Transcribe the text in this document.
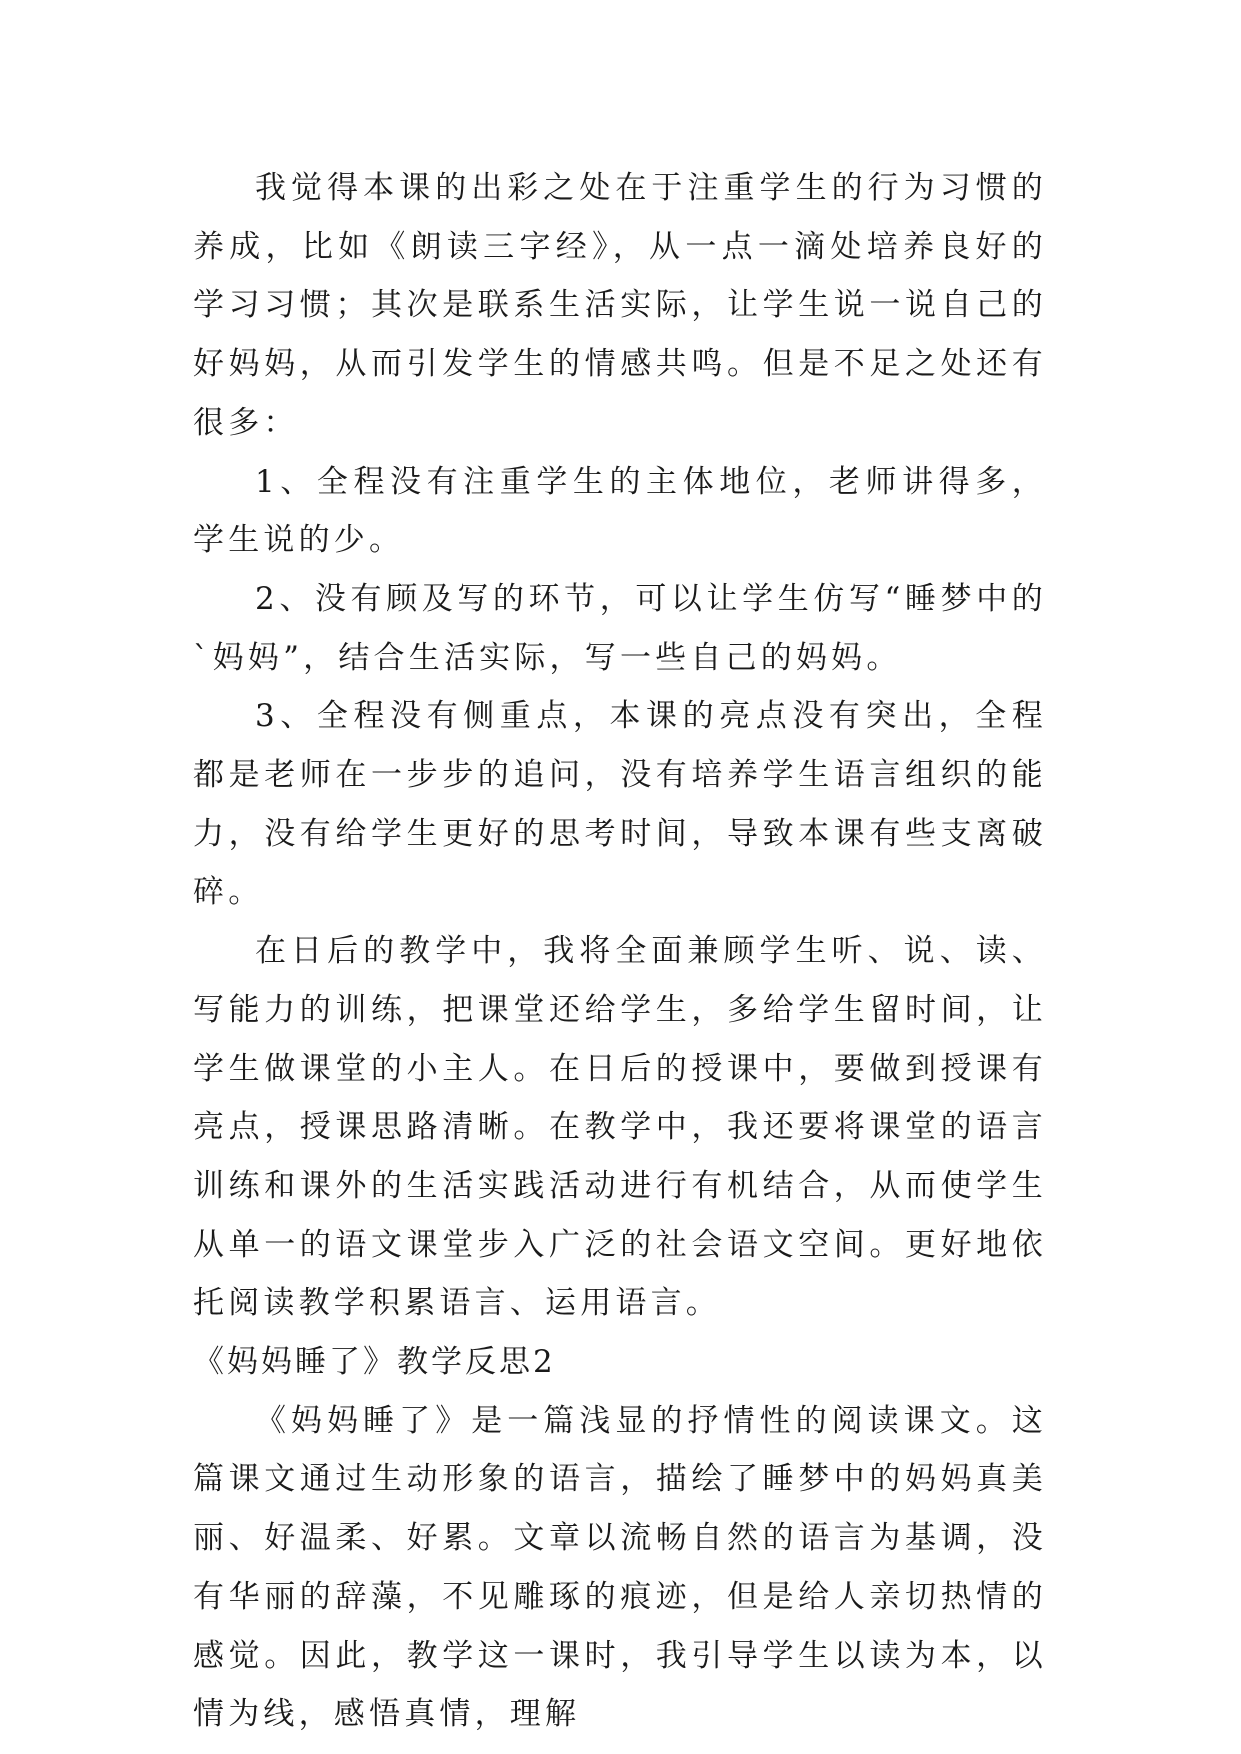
我觉得本课的出彩之处在于注重学生的行为习惯的养成，比如《朗读三字经》，从一点一滴处培养良好的学习习惯；其次是联系生活实际，让学生说一说自己的好妈妈，从而引发学生的情感共鸣。但是不足之处还有很多：

1、全程没有注重学生的主体地位，老师讲得多，学生说的少。

2、没有顾及写的环节，可以让学生仿写“睡梦中的`妈妈”，结合生活实际，写一些自己的妈妈。

3、全程没有侧重点，本课的亮点没有突出，全程都是老师在一步步的追问，没有培养学生语言组织的能力，没有给学生更好的思考时间，导致本课有些支离破碎。

在日后的教学中，我将全面兼顾学生听、说、读、写能力的训练，把课堂还给学生，多给学生留时间，让学生做课堂的小主人。在日后的授课中，要做到授课有亮点，授课思路清晰。在教学中，我还要将课堂的语言训练和课外的生活实践活动进行有机结合，从而使学生从单一的语文课堂步入广泛的社会语文空间。更好地依托阅读教学积累语言、运用语言。

《妈妈睡了》教学反思2

《妈妈睡了》是一篇浅显的抒情性的阅读课文。这篇课文通过生动形象的语言，描绘了睡梦中的妈妈真美丽、好温柔、好累。文章以流畅自然的语言为基调，没有华丽的辞藻，不见雕琢的痕迹，但是给人亲切热情的感觉。因此，教学这一课时，我引导学生以读为本，以情为线，感悟真情，理解
